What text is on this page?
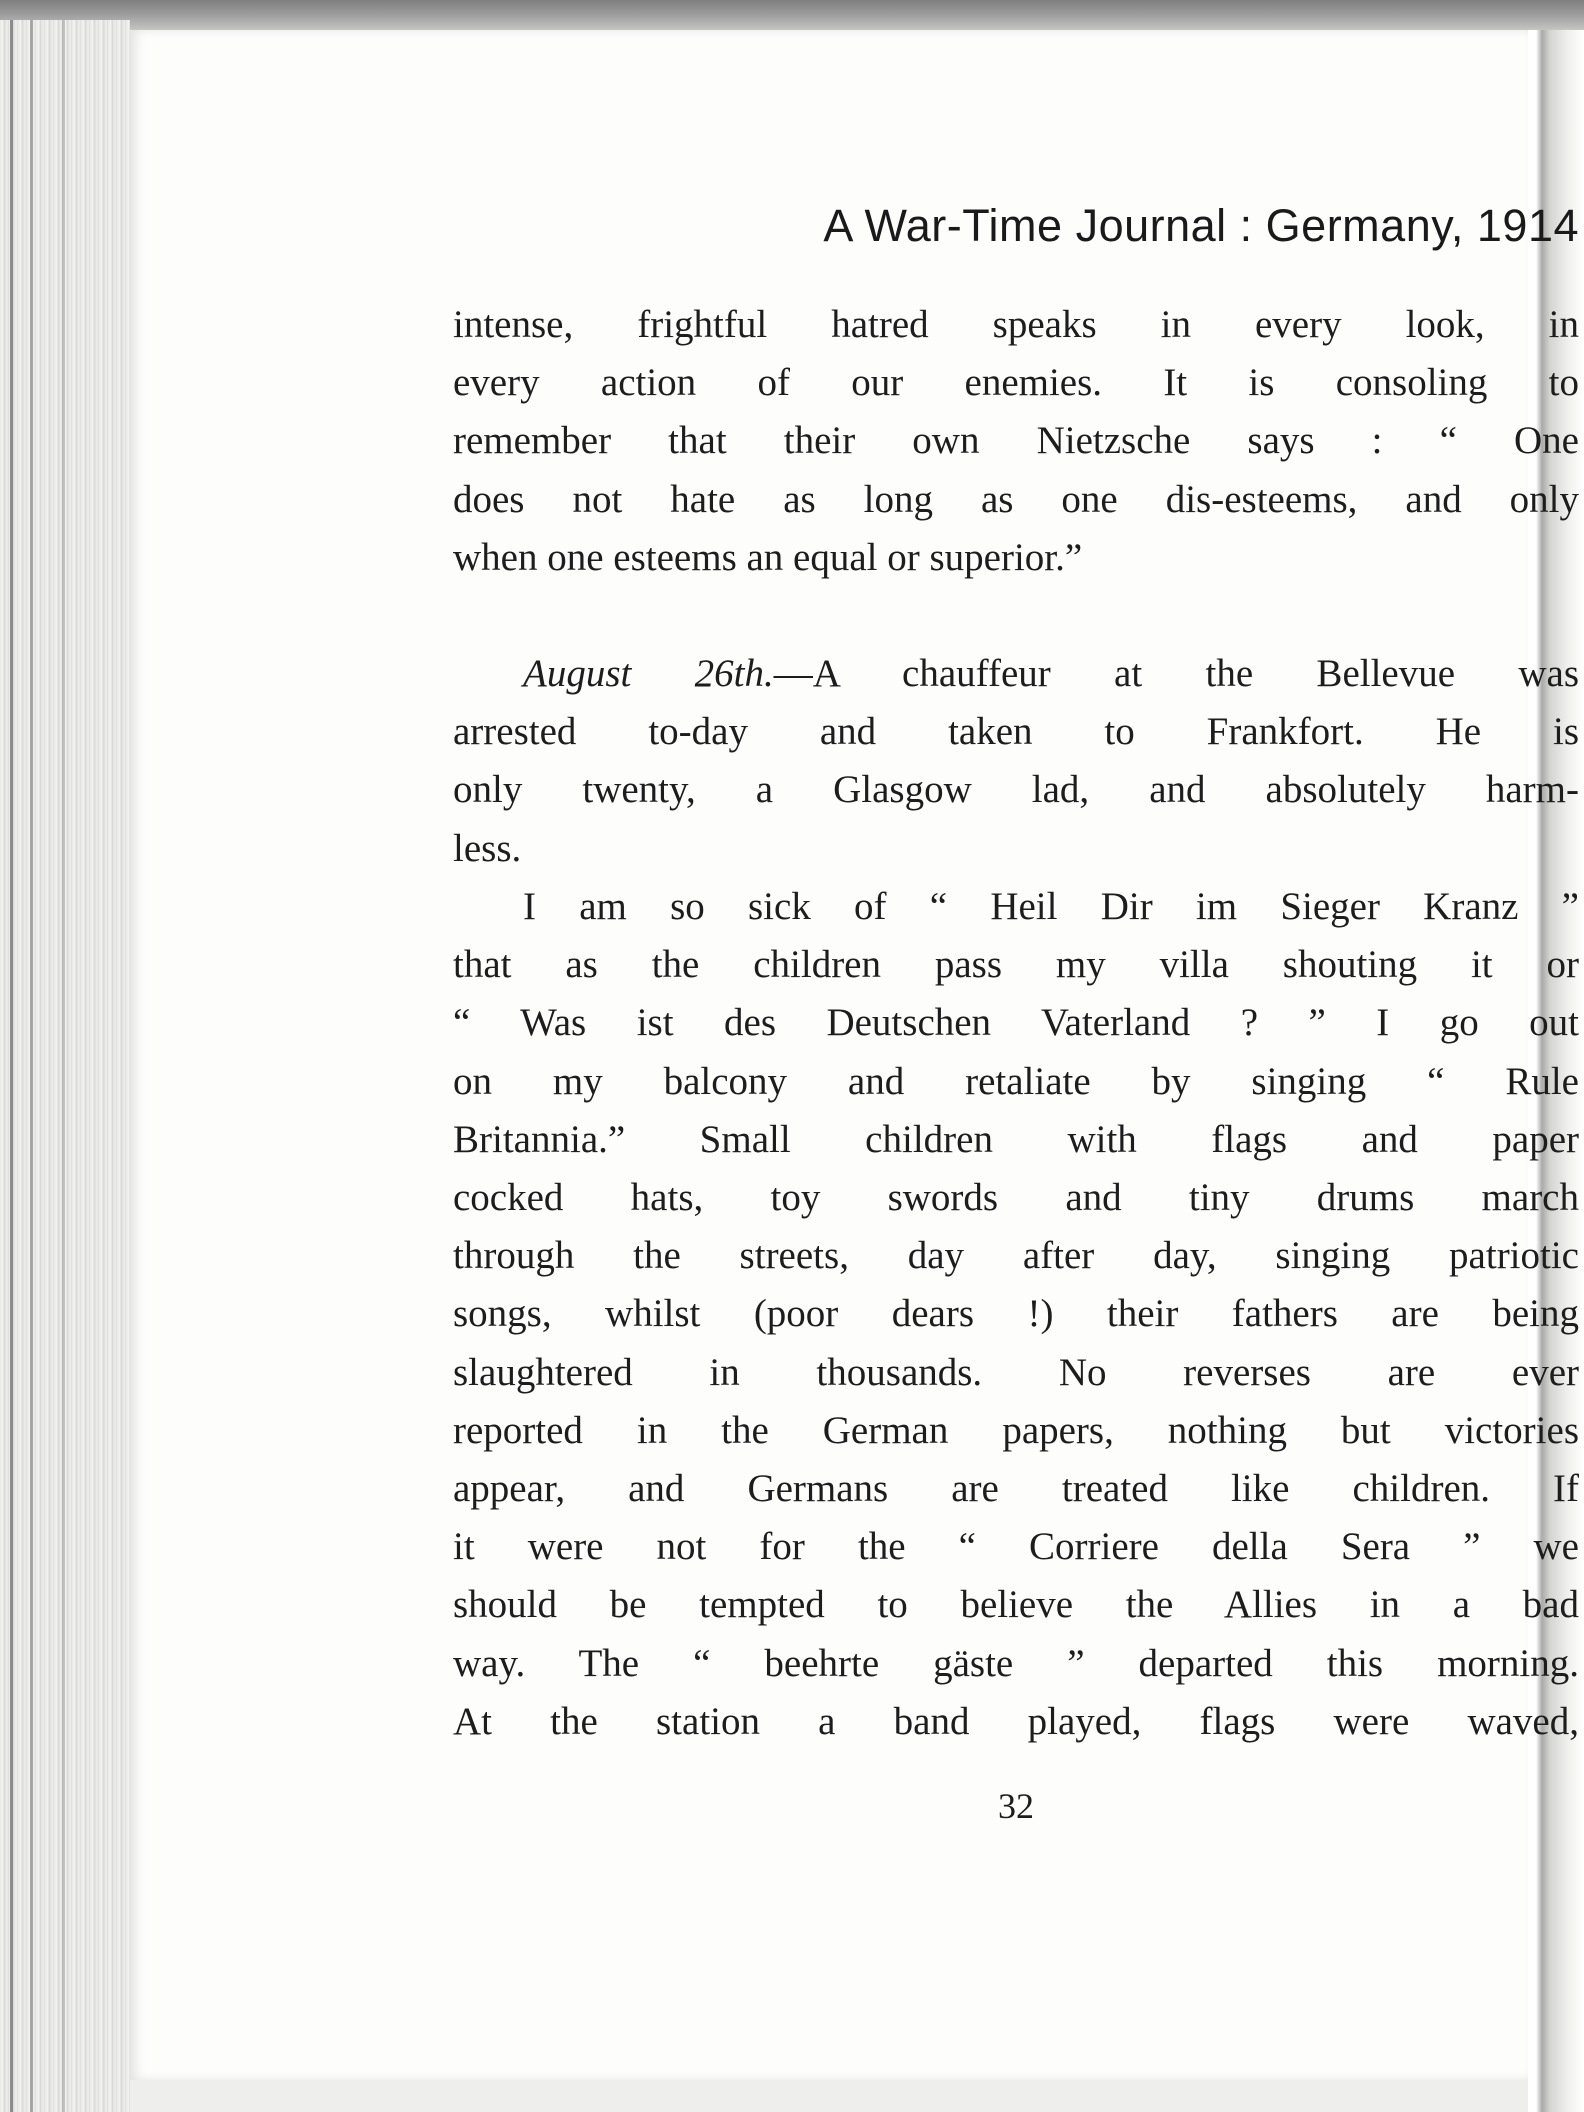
A War-Time Journal : Germany, 1914
intense, frightful hatred speaks in every look, in
every action of our enemies. It is consoling to
remember that their own Nietzsche says : “ One
does not hate as long as one dis-esteems, and only
when one esteems an equal or superior.”
August 26th.—A chauffeur at the Bellevue was
arrested to-day and taken to Frankfort. He is
only twenty, a Glasgow lad, and absolutely harm-
less.
I am so sick of “ Heil Dir im Sieger Kranz ”
that as the children pass my villa shouting it or
“ Was ist des Deutschen Vaterland ? ” I go out
on my balcony and retaliate by singing “ Rule
Britannia.” Small children with flags and paper
cocked hats, toy swords and tiny drums march
through the streets, day after day, singing patriotic
songs, whilst (poor dears !) their fathers are being
slaughtered in thousands. No reverses are ever
reported in the German papers, nothing but victories
appear, and Germans are treated like children. If
it were not for the “ Corriere della Sera ” we
should be tempted to believe the Allies in a bad
way. The “ beehrte gäste ” departed this morning.
At the station a band played, flags were waved,

32
